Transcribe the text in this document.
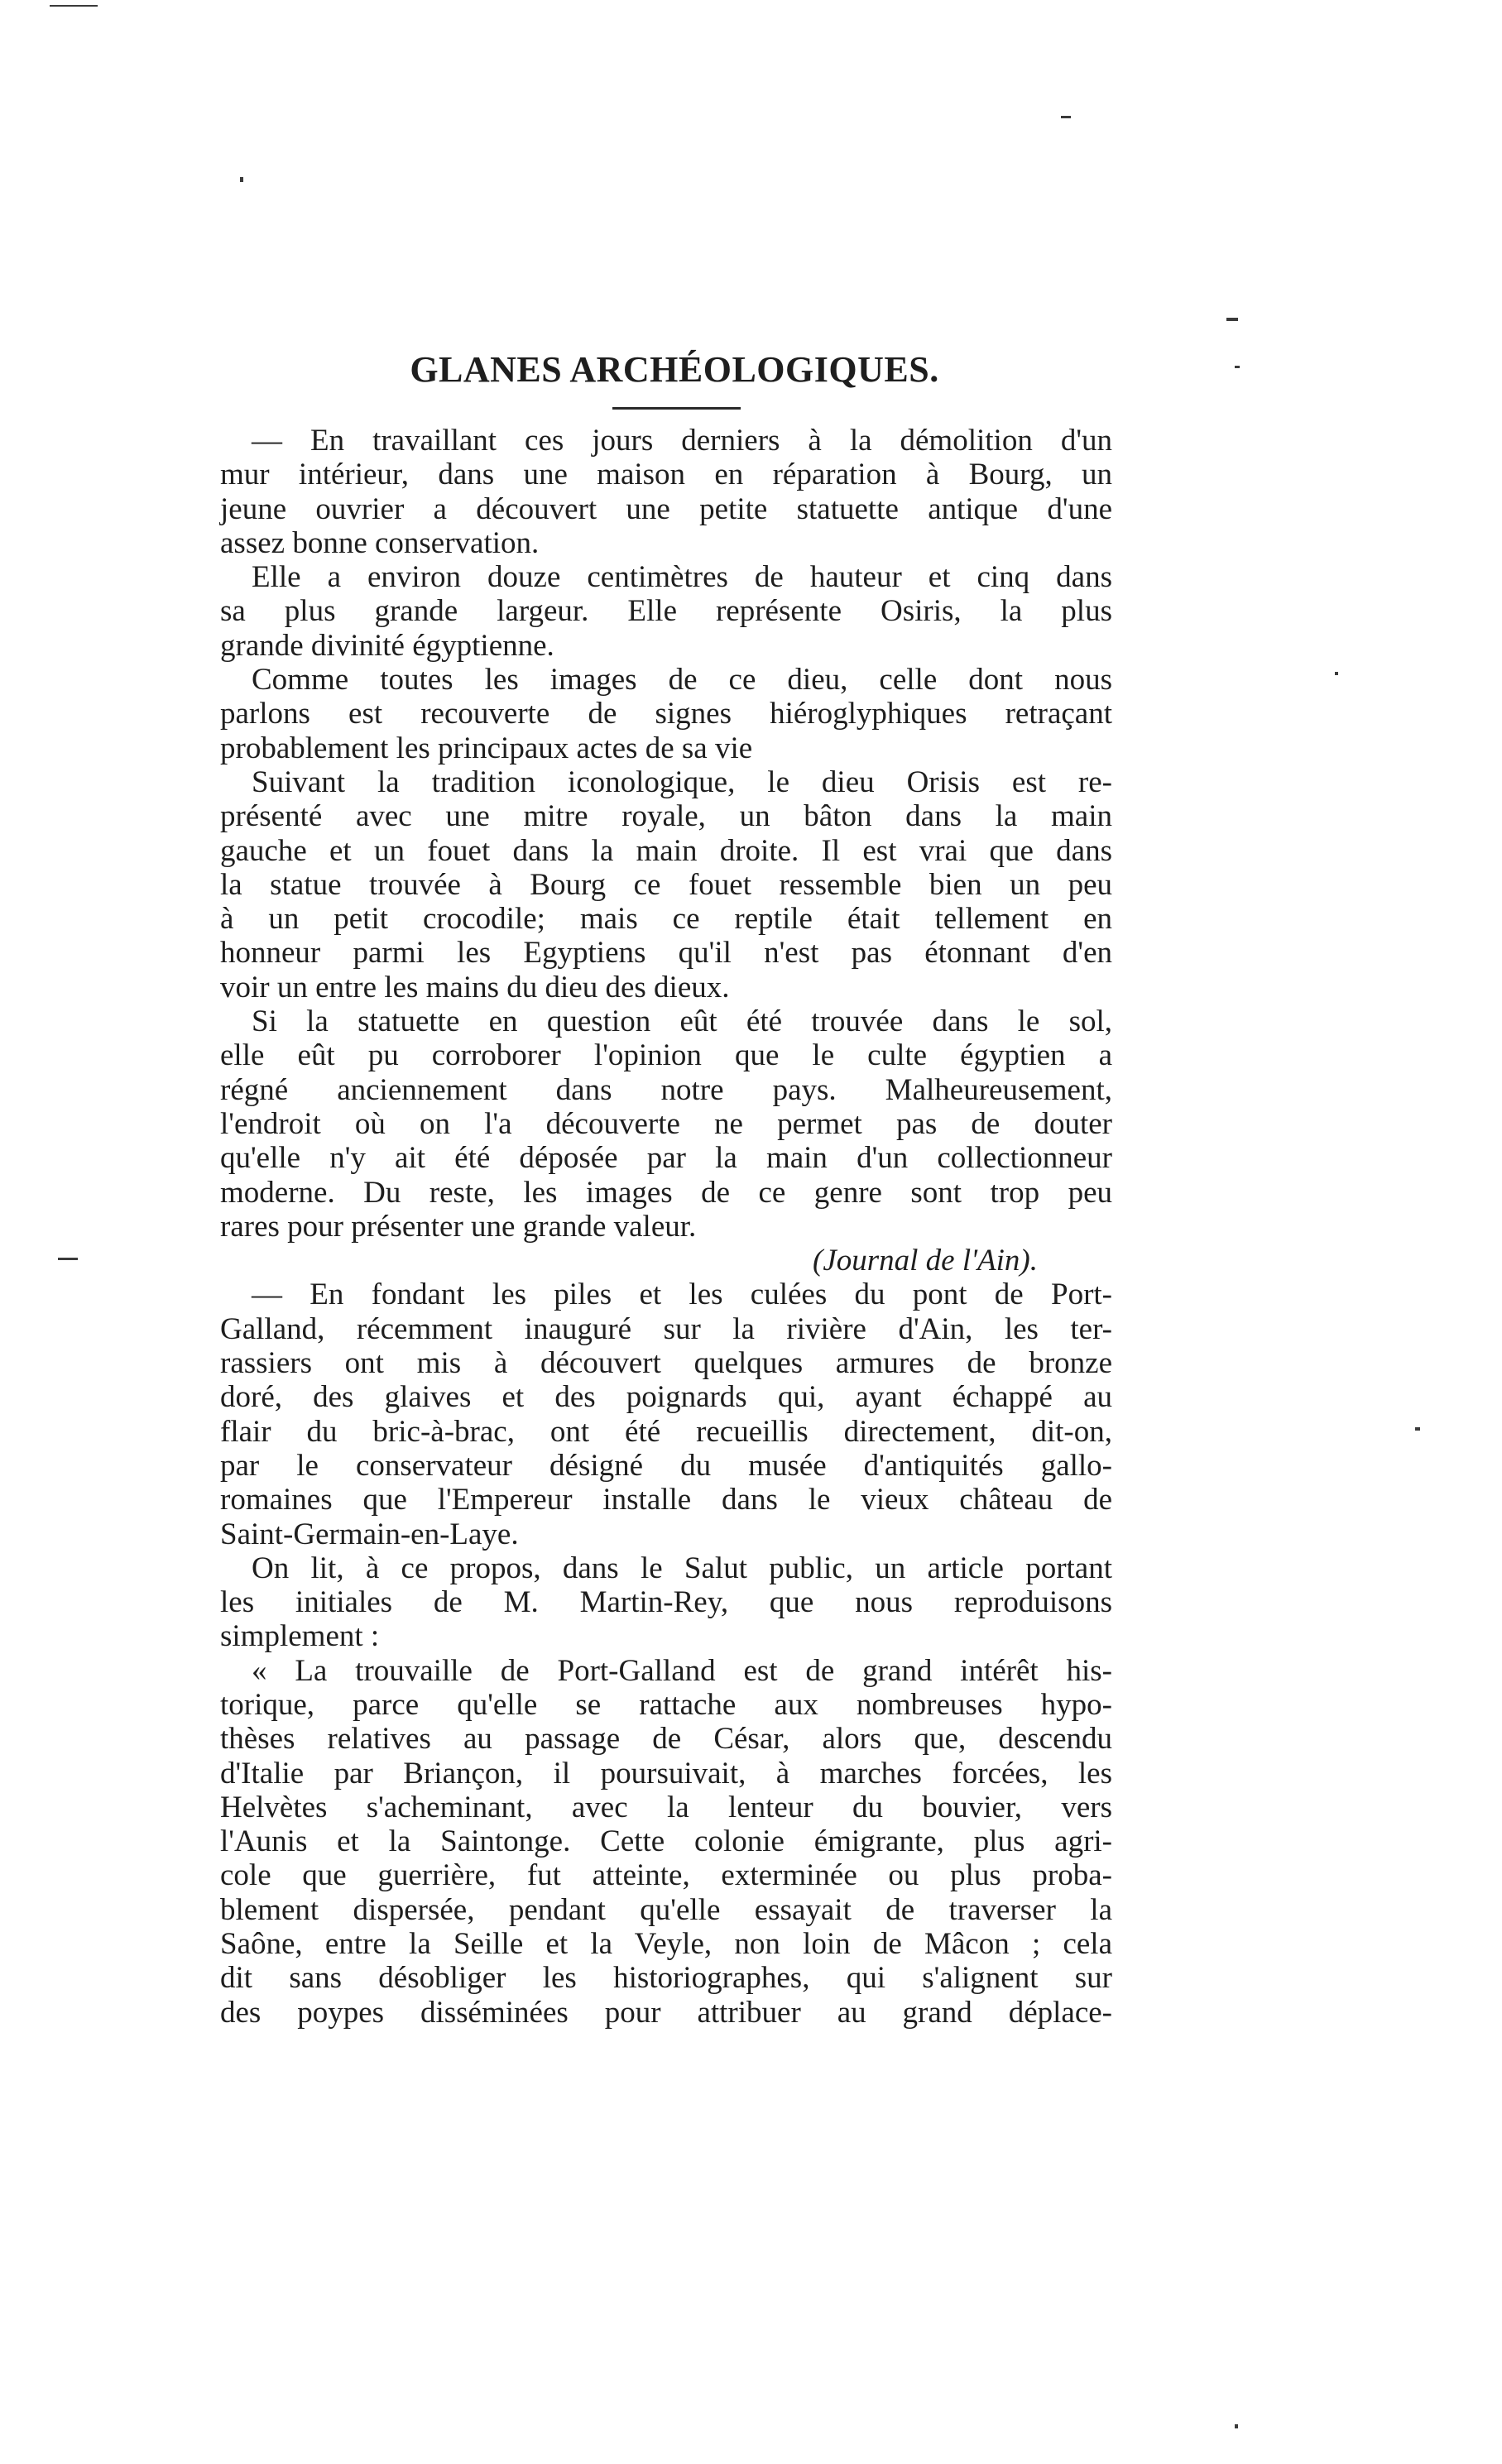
GLANES ARCHÉOLOGIQUES.
— En travaillant ces jours derniers à la démolition d'un
mur intérieur, dans une maison en réparation à Bourg, un
jeune ouvrier a découvert une petite statuette antique d'une
assez bonne conservation.
Elle a environ douze centimètres de hauteur et cinq dans
sa plus grande largeur. Elle représente Osiris, la plus
grande divinité égyptienne.
Comme toutes les images de ce dieu, celle dont nous
parlons est recouverte de signes hiéroglyphiques retraçant
probablement les principaux actes de sa vie
Suivant la tradition iconologique, le dieu Orisis est re-
présenté avec une mitre royale, un bâton dans la main
gauche et un fouet dans la main droite. Il est vrai que dans
la statue trouvée à Bourg ce fouet ressemble bien un peu
à un petit crocodile; mais ce reptile était tellement en
honneur parmi les Egyptiens qu'il n'est pas étonnant d'en
voir un entre les mains du dieu des dieux.
Si la statuette en question eût été trouvée dans le sol,
elle eût pu corroborer l'opinion que le culte égyptien a
régné anciennement dans notre pays. Malheureusement,
l'endroit où on l'a découverte ne permet pas de douter
qu'elle n'y ait été déposée par la main d'un collectionneur
moderne. Du reste, les images de ce genre sont trop peu
rares pour présenter une grande valeur.
(Journal de l'Ain).
— En fondant les piles et les culées du pont de Port-
Galland, récemment inauguré sur la rivière d'Ain, les ter-
rassiers ont mis à découvert quelques armures de bronze
doré, des glaives et des poignards qui, ayant échappé au
flair du bric-à-brac, ont été recueillis directement, dit-on,
par le conservateur désigné du musée d'antiquités gallo-
romaines que l'Empereur installe dans le vieux château de
Saint-Germain-en-Laye.
On lit, à ce propos, dans le Salut public, un article portant
les initiales de M. Martin-Rey, que nous reproduisons
simplement :
« La trouvaille de Port-Galland est de grand intérêt his-
torique, parce qu'elle se rattache aux nombreuses hypo-
thèses relatives au passage de César, alors que, descendu
d'Italie par Briançon, il poursuivait, à marches forcées, les
Helvètes s'acheminant, avec la lenteur du bouvier, vers
l'Aunis et la Saintonge. Cette colonie émigrante, plus agri-
cole que guerrière, fut atteinte, exterminée ou plus proba-
blement dispersée, pendant qu'elle essayait de traverser la
Saône, entre la Seille et la Veyle, non loin de Mâcon ; cela
dit sans désobliger les historiographes, qui s'alignent sur
des poypes disséminées pour attribuer au grand déplace-
